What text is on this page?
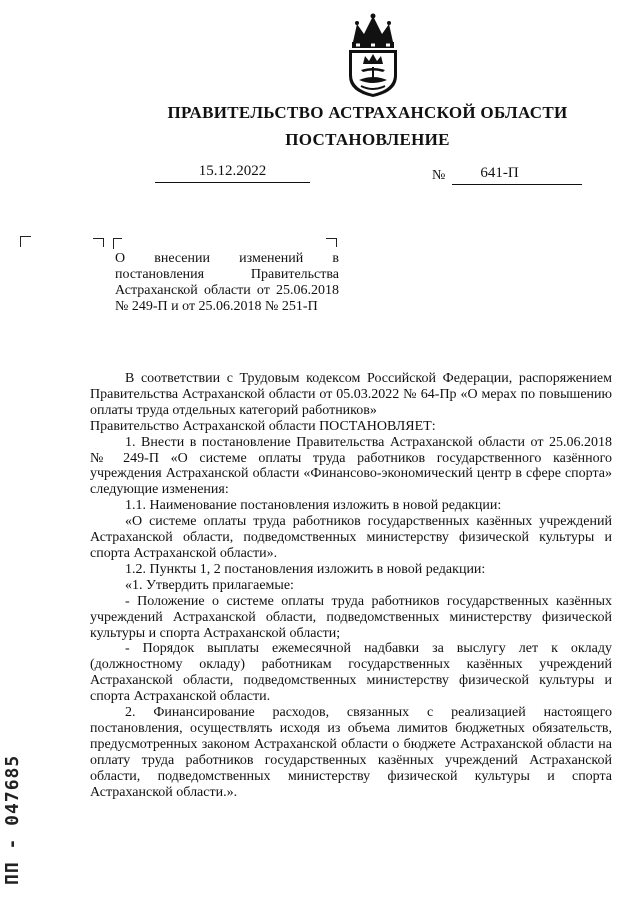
ПРАВИТЕЛЬСТВО АСТРАХАНСКОЙ ОБЛАСТИ
ПОСТАНОВЛЕНИЕ
15.12.2022	№	641-П

О внесении изменений в постановления Правительства Астраханской области от 25.06.2018 № 249-П и от 25.06.2018 № 251-П

В соответствии с Трудовым кодексом Российской Федерации, распоряжением Правительства Астраханской области от 05.03.2022 № 64-Пр «О мерах по повышению оплаты труда отдельных категорий работников»

Правительство Астраханской области ПОСТАНОВЛЯЕТ:

1. Внести в постановление Правительства Астраханской области от 25.06.2018 № 249-П «О системе оплаты труда работников государственного казённого учреждения Астраханской области «Финансово-экономический центр в сфере спорта» следующие изменения:

1.1. Наименование постановления изложить в новой редакции:

«О системе оплаты труда работников государственных казённых учреждений Астраханской области, подведомственных министерству физической культуры и спорта Астраханской области».

1.2. Пункты 1, 2 постановления изложить в новой редакции:

«1. Утвердить прилагаемые:

- Положение о системе оплаты труда работников государственных казённых учреждений Астраханской области, подведомственных министерству физической культуры и спорта Астраханской области;

- Порядок выплаты ежемесячной надбавки за выслугу лет к окладу (должностному окладу) работникам государственных казённых учреждений Астраханской области, подведомственных министерству физической культуры и спорта Астраханской области.

2. Финансирование расходов, связанных с реализацией настоящего постановления, осуществлять исходя из объема лимитов бюджетных обязательств, предусмотренных законом Астраханской области о бюджете Астраханской области на оплату труда работников государственных казённых учреждений Астраханской области, подведомственных министерству физической культуры и спорта Астраханской области.».

ПП - 047685
